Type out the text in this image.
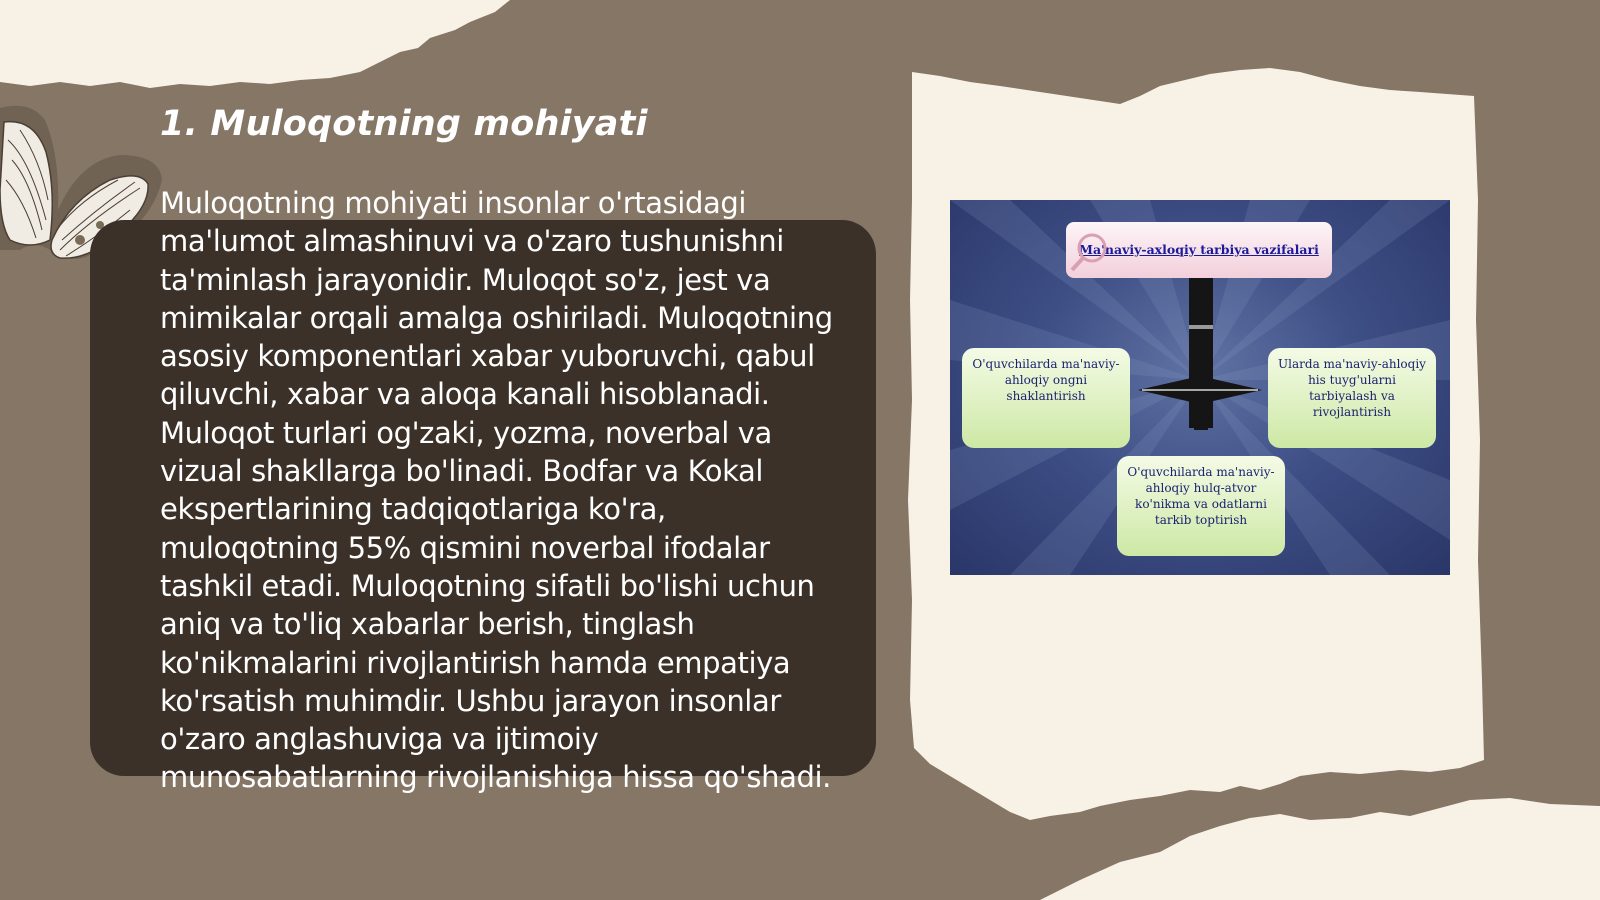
1. Muloqotning mohiyati

Muloqotning mohiyati insonlar o'rtasidagi ma'lumot almashinuvi va o'zaro tushunishni ta'minlash jarayonidir. Muloqot so'z, jest va mimikalar orqali amalga oshiriladi. Muloqotning asosiy komponentlari xabar yuboruvchi, qabul qiluvchi, xabar va aloqa kanali hisoblanadi. Muloqot turlari og'zaki, yozma, noverbal va vizual shakllarga bo'linadi. Bodfar va Kokal ekspertlarining tadqiqotlariga ko'ra, muloqotning 55% qismini noverbal ifodalar tashkil etadi. Muloqotning sifatli bo'lishi uchun aniq va to'liq xabarlar berish, tinglash ko'nikmalarini rivojlantirish hamda empatiya ko'rsatish muhimdir. Ushbu jarayon insonlar o'zaro anglashuviga va ijtimoiy munosabatlarning rivojlanishiga hissa qo'shadi.

Ma'naviy-axloqiy tarbiya vazifalari
O'quvchilarda ma'naviy-ahloqiy ongni shaklantirish
Ularda ma'naviy-ahloqiy his tuyg'ularni tarbiyalash va rivojlantirish
O'quvchilarda ma'naviy-ahloqiy hulq-atvor ko'nikma va odatlarni tarkib toptirish
